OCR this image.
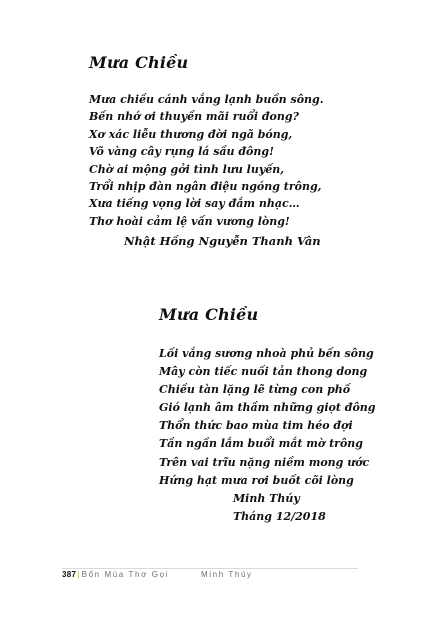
Mưa Chiều
Mưa chiều cánh vắng lạnh buồn sông.
Bến nhớ ơi thuyền mãi ruổi đong?
Xơ xác liễu thương đời ngã bóng,
Võ vàng cây rụng lá sầu đông!
Chờ ai mộng gởi tình lưu luyến,
Trổi nhịp đàn ngân điệu ngóng trông,
Xưa tiếng vọng lời say đắm nhạc…
Thơ hoài cảm lệ vấn vương lòng!
Nhật Hồng Nguyễn Thanh Vân
Mưa Chiều
Lối vắng sương nhoà phủ bến sông
Mây còn tiếc nuối tản thong dong
Chiều tàn lặng lẽ từng con phố
Gió lạnh âm thầm những giọt đông
Thổn thức bao mùa tim héo đợi
Tần ngần lắm buổi mắt mờ trông
Trên vai trĩu nặng niềm mong ước
Hứng hạt mưa rơi buốt cõi lòng
Minh Thúy
Tháng 12/2018
387| Bốn Mùa Thơ Gọi	Minh Thúy
